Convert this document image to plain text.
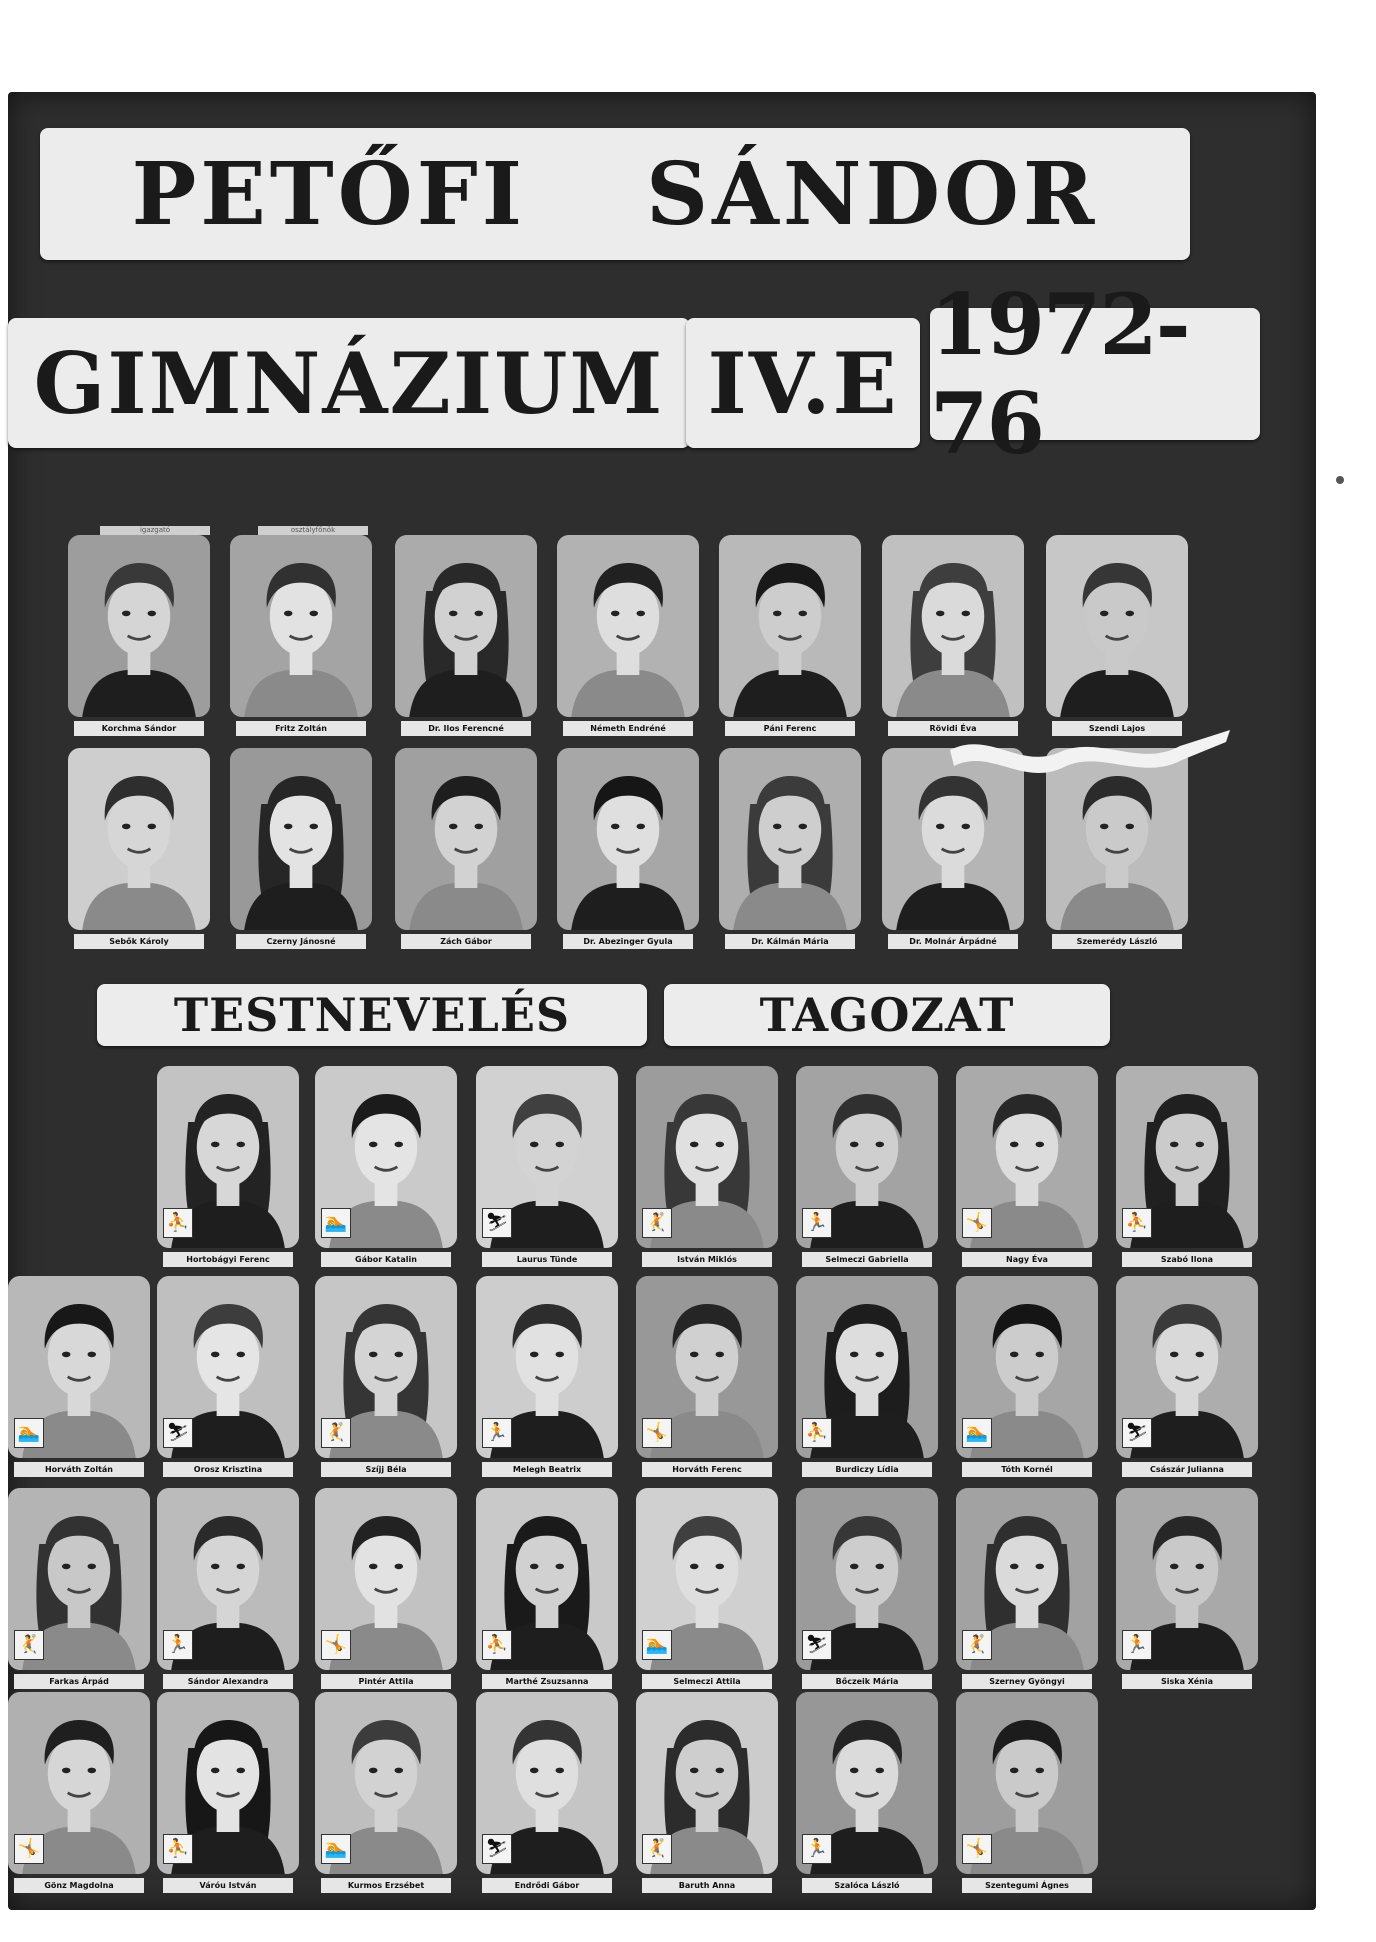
PETŐFI SÁNDOR
GIMNÁZIUM IV.E
1972-76
TESTNEVELÉS	TAGOZAT
igazgató	osztályfőnök
Korchma Sándor	Fritz Zoltán	Dr. Ilos Ferencné	Németh Endréné	Páni Ferenc	Rövidi Éva	Szendi Lajos
Sebők Károly	Czerny Jánosné	Zách Gábor	Dr. Abezinger Gyula	Dr. Kálmán Mária	Dr. Molnár Árpádné	Szemerédy László
⛹
Hortobágyi Ferenc
🏊
Gábor Katalin
⛷
Laurus Tünde
🤾
István Miklós
🏃
Selmeczi Gabriella
🤸
Nagy Éva
⛹
Szabó Ilona
🏊
Horváth Zoltán
⛷
Orosz Krisztina
🤾
Szíjj Béla
🏃
Melegh Beatrix
🤸
Horváth Ferenc
⛹
Burdiczy Lídia
🏊
Tóth Kornél
⛷
Császár Julianna
🤾
Farkas Árpád
🏃
Sándor Alexandra
🤸
Pintér Attila
⛹
Marthé Zsuzsanna
🏊
Selmeczi Attila
⛷
Bőczeik Mária
🤾
Szerney Gyöngyi
🏃
Siska Xénia
🤸
Gönz Magdolna
⛹
Váróu István
🏊
Kurmos Erzsébet
⛷
Endrődi Gábor
🤾
Baruth Anna
🏃
Szalóca László
🤸
Szentegumi Ágnes
